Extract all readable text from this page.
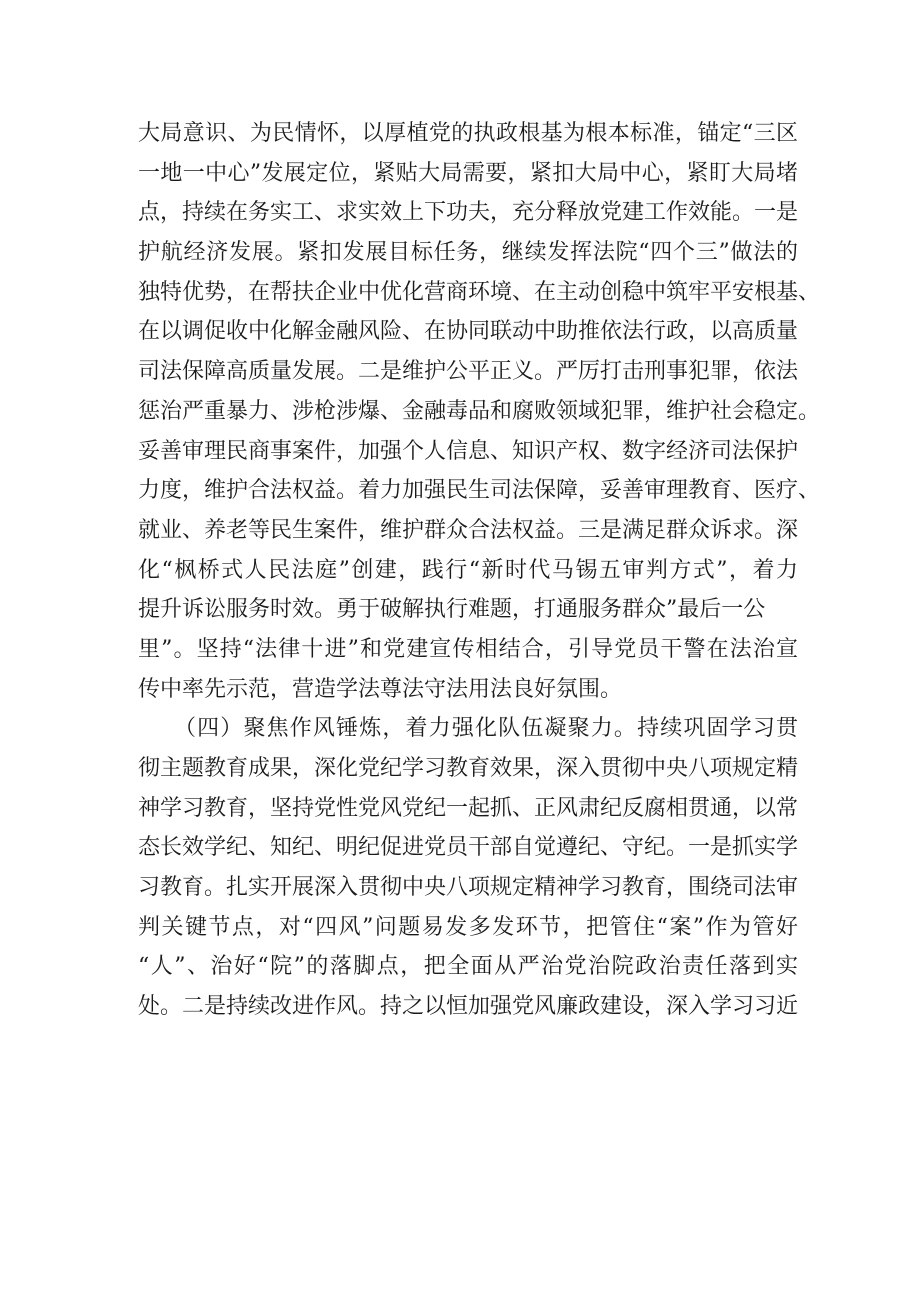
大局意识、为民情怀，以厚植党的执政根基为根本标准，锚定“三区
一地一中心”发展定位，紧贴大局需要，紧扣大局中心，紧盯大局堵
点，持续在务实工、求实效上下功夫，充分释放党建工作效能。一是
护航经济发展。紧扣发展目标任务，继续发挥法院“四个三”做法的
独特优势，在帮扶企业中优化营商环境、在主动创稳中筑牢平安根基、
在以调促收中化解金融风险、在协同联动中助推依法行政，以高质量
司法保障高质量发展。二是维护公平正义。严厉打击刑事犯罪，依法
惩治严重暴力、涉枪涉爆、金融毒品和腐败领域犯罪，维护社会稳定。
妥善审理民商事案件，加强个人信息、知识产权、数字经济司法保护
力度，维护合法权益。着力加强民生司法保障，妥善审理教育、医疗、
就业、养老等民生案件，维护群众合法权益。三是满足群众诉求。深
化“枫桥式人民法庭”创建，践行“新时代马锡五审判方式”，着力
提升诉讼服务时效。勇于破解执行难题，打通服务群众”最后一公
里”。坚持“法律十进”和党建宣传相结合，引导党员干警在法治宣
传中率先示范，营造学法尊法守法用法良好氛围。
（四）聚焦作风锤炼，着力强化队伍凝聚力。持续巩固学习贯
彻主题教育成果，深化党纪学习教育效果，深入贯彻中央八项规定精
神学习教育，坚持党性党风党纪一起抓、正风肃纪反腐相贯通，以常
态长效学纪、知纪、明纪促进党员干部自觉遵纪、守纪。一是抓实学
习教育。扎实开展深入贯彻中央八项规定精神学习教育，围绕司法审
判关键节点，对“四风”问题易发多发环节，把管住“案”作为管好
“人”、治好“院”的落脚点，把全面从严治党治院政治责任落到实
处。二是持续改进作风。持之以恒加强党风廉政建设，深入学习习近
